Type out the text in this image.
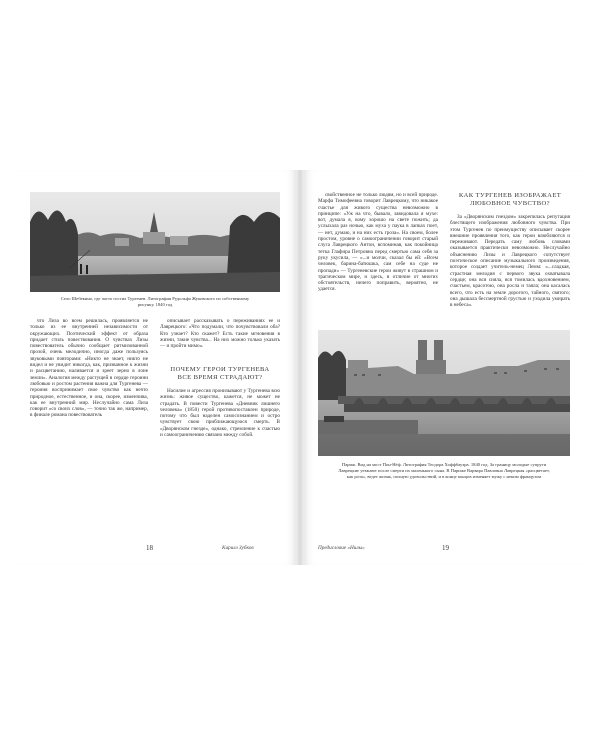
Село Шебекино, где часто гостил Тургенев. Литография Рудольфа Жуковского по собственному рисунку. 1840 год

что Лиза во всем решилась, проявляется не только из ее внутренней независимости от окружающих. Поэтический эффект от образа придает стиль повествования. О чувствах Лизы повествователь обычно сообщает ритмизованной прозой, очень мелодично, иногда даже пользуясь звуковыми повторами: «Никто не знает, никто не видел и не увидит никогда, как, призванное к жизни и расцветанию, наливается и зреет зерно в лоне земли». Аналогия между растущей в сердце героини любовью и ростом растения важна для Тургенева — героиня воспринимает свое чувство как нечто природное, естественное, и она, скорее, изменчива, как ее внутренний мир. Неслучайно сама Лиза говорит «со своих слов», — точно так же, например, в финале романа повествователь

описывает рассказывать о переживаниях ее и Лаврецкого: «Что подумали, что почувствовали оба? Кто узнает? Кто скажет? Есть такие мгновения в жизни, такие чувства... На них можно только указать — и пройти мимо».

ПОЧЕМУ ГЕРОИ ТУРГЕНЕВА ВСЕ ВРЕМЯ СТРАДАЮТ?

Насилие и агрессия пронизывают у Тургенева всю жизнь: живое существо, кажется, не может не страдать. В повести Тургенева «Дневник лишнего человека» (1850) герой противопоставлен природе, потому что был наделен самосознанием и остро чувствует свою приближающуюся смерть. В «Дворянском гнезде», однако, стремление к счастью и самоограничению связано между собой.

18	Кирилл Зубков

свойственное не только людям, но и всей природе. Марфа Тимофеевна говорит Лаврецкому, что никакое счастье для живого существа невозможно в принципе: «Уж на что, бывало, завидовала я мухе: вот, думала я, кому хорошо на свете пожить; да услыхала раз ночью, как муха у паука в лапках поет, — нет, думаю, и на них есть гроза». На своем, более простом, уровне о самоограничении говорит старый слуга Лаврецкого Антон, вспоминая, как покойница тетка Глафира Петровна перед смертью сама себя за руку укусила, — «...и молчи, сказал бы ей: «Всем человек, барина-батюшка, сам себе на суде не пропади» — Тургеневские герои живут в страшном и трагическом мире, и здесь, в отличие от многих обстоятельств, ничего поправить, вероятно, не удается.

КАК ТУРГЕНЕВ ИЗОБРАЖАЕТ ЛЮБОВНОЕ ЧУВСТВО?

За «Дворянским гнездом» закрепилась репутация блестящего изображения любовного чувства. При этом Тургенев по преимуществу описывает скорее внешние проявления того, как герои влюбляются и переживают. Передать саму любовь словами оказывается практически невозможно. Неслучайно объяснению Лизы и Лаврецкого сопутствует поэтическое описание музыкального произведения, которое создает учитель-немец Лемм: «...сладкая, страстная мелодия с первого звука охватывала сердце; она вся сияла, вся томилась вдохновением, счастьем, красотою, она росла и таяла; она касалась всего, что есть на земле дорогого, тайного, святого; она дышала бессмертной грустью и уходила умирать в небеса».

Париж. Вид на мост Пон-Нёф. Литография Теодора Хоффбауэра. 1840 год. За границу молодые супруги Лаврецкие уезжают после смерти их маленького сына. В Париже Варвара Павловна Лаврецкая «расцветает, как роза», ведет жизнь, полную удовольствий, и в конце концов изменяет мужу с неким французом
Предисловие «Нилы»	19
